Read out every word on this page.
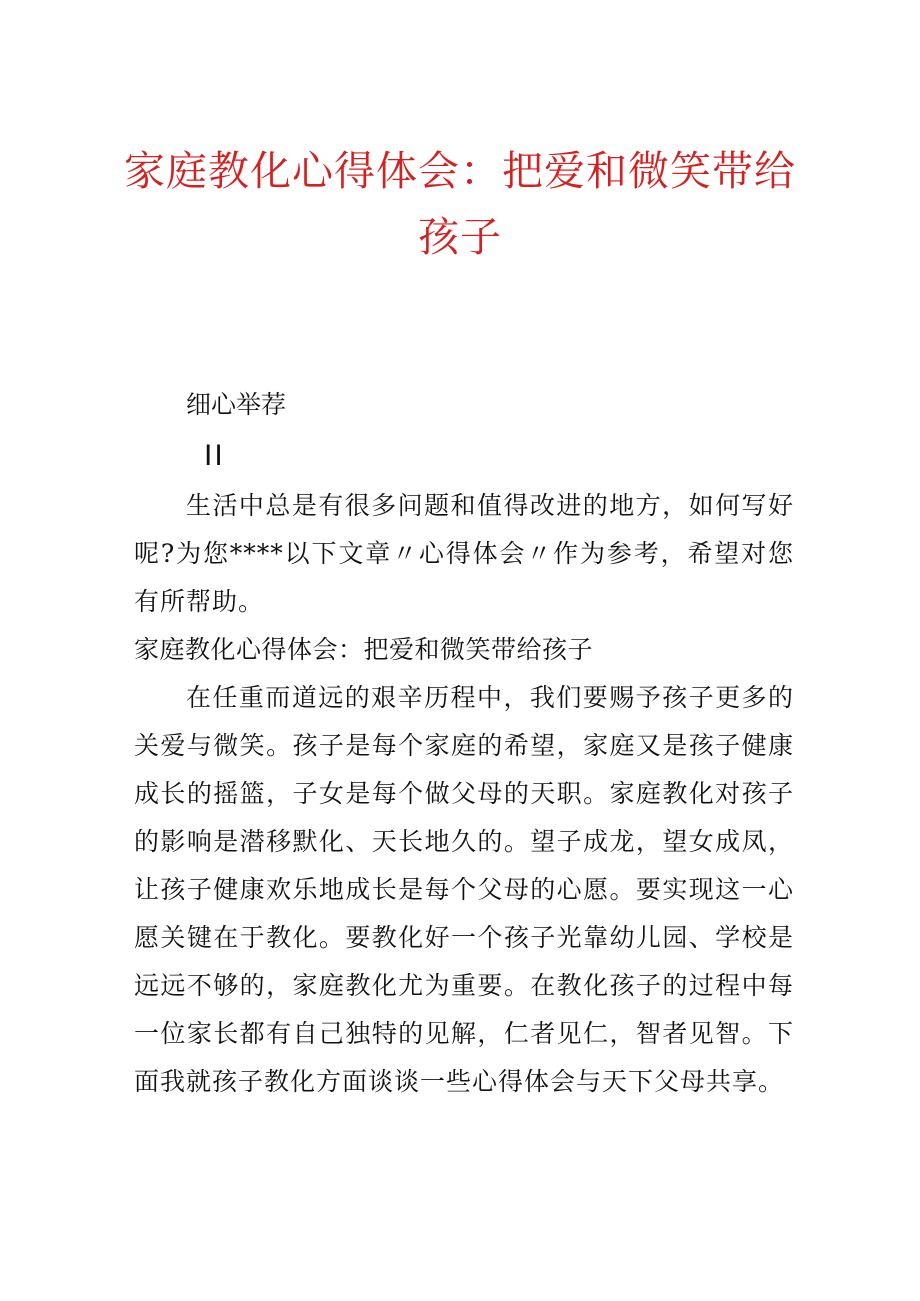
家庭教化心得体会：把爱和微笑带给孩子

细心举荐

II

生活中总是有很多问题和值得改进的地方，如何写好呢?为您****以下文章〃心得体会〃作为参考，希望对您有所帮助。

家庭教化心得体会：把爱和微笑带给孩子

在任重而道远的艰辛历程中，我们要赐予孩子更多的关爱与微笑。孩子是每个家庭的希望，家庭又是孩子健康成长的摇篮，子女是每个做父母的天职。家庭教化对孩子的影响是潜移默化、天长地久的。望子成龙，望女成凤，让孩子健康欢乐地成长是每个父母的心愿。要实现这一心愿关键在于教化。要教化好一个孩子光靠幼儿园、学校是远远不够的，家庭教化尤为重要。在教化孩子的过程中每一位家长都有自己独特的见解，仁者见仁，智者见智。下面我就孩子教化方面谈谈一些心得体会与天下父母共享。
